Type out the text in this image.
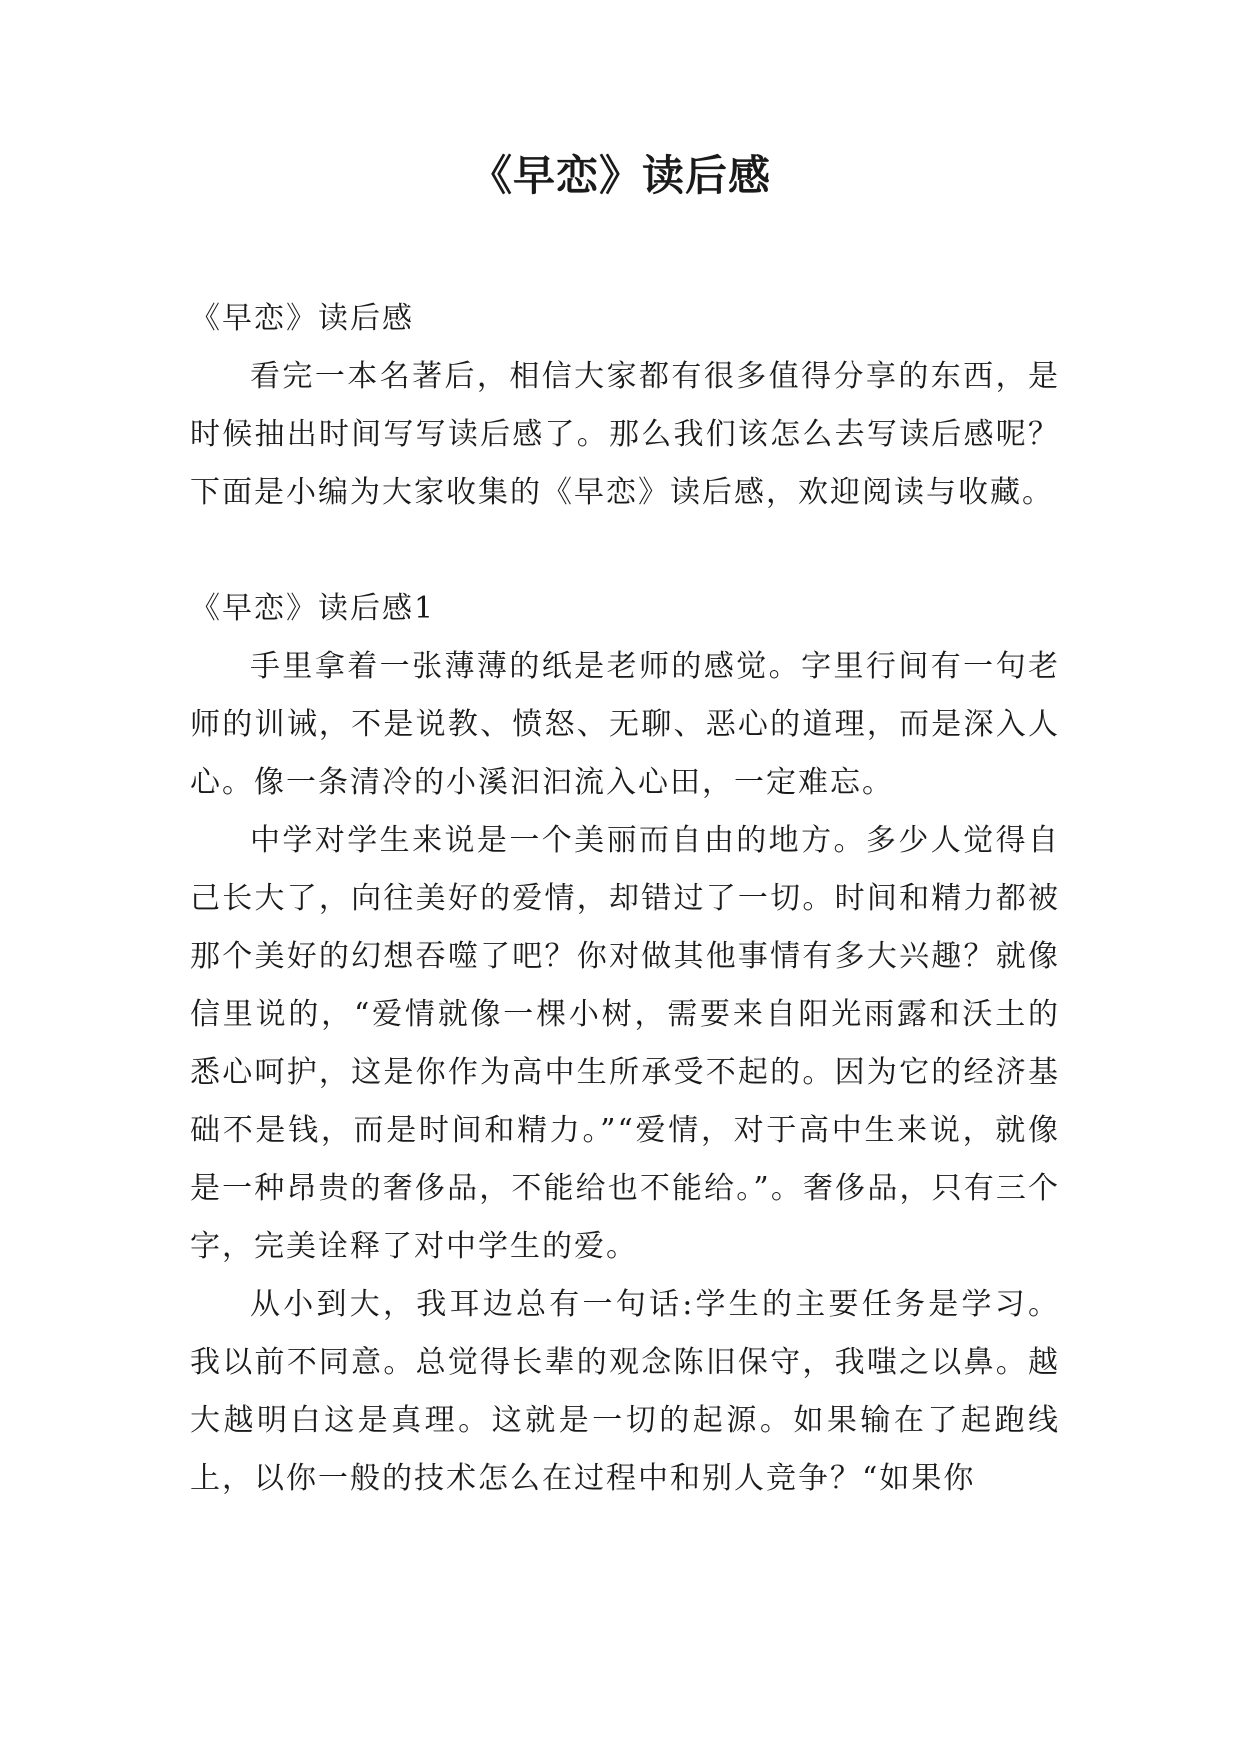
《早恋》读后感

《早恋》读后感

看完一本名著后，相信大家都有很多值得分享的东西，是时候抽出时间写写读后感了。那么我们该怎么去写读后感呢？下面是小编为大家收集的《早恋》读后感，欢迎阅读与收藏。

《早恋》读后感1

手里拿着一张薄薄的纸是老师的感觉。字里行间有一句老师的训诫，不是说教、愤怒、无聊、恶心的道理，而是深入人心。像一条清冷的小溪汩汩流入心田，一定难忘。

中学对学生来说是一个美丽而自由的地方。多少人觉得自己长大了，向往美好的爱情，却错过了一切。时间和精力都被那个美好的幻想吞噬了吧？你对做其他事情有多大兴趣？就像信里说的，“爱情就像一棵小树，需要来自阳光雨露和沃土的悉心呵护，这是你作为高中生所承受不起的。因为它的经济基础不是钱，而是时间和精力。”“爱情，对于高中生来说，就像是一种昂贵的奢侈品，不能给也不能给。”。奢侈品，只有三个字，完美诠释了对中学生的爱。

从小到大，我耳边总有一句话:学生的主要任务是学习。我以前不同意。总觉得长辈的观念陈旧保守，我嗤之以鼻。越大越明白这是真理。这就是一切的起源。如果输在了起跑线上，以你一般的技术怎么在过程中和别人竞争？“如果你
